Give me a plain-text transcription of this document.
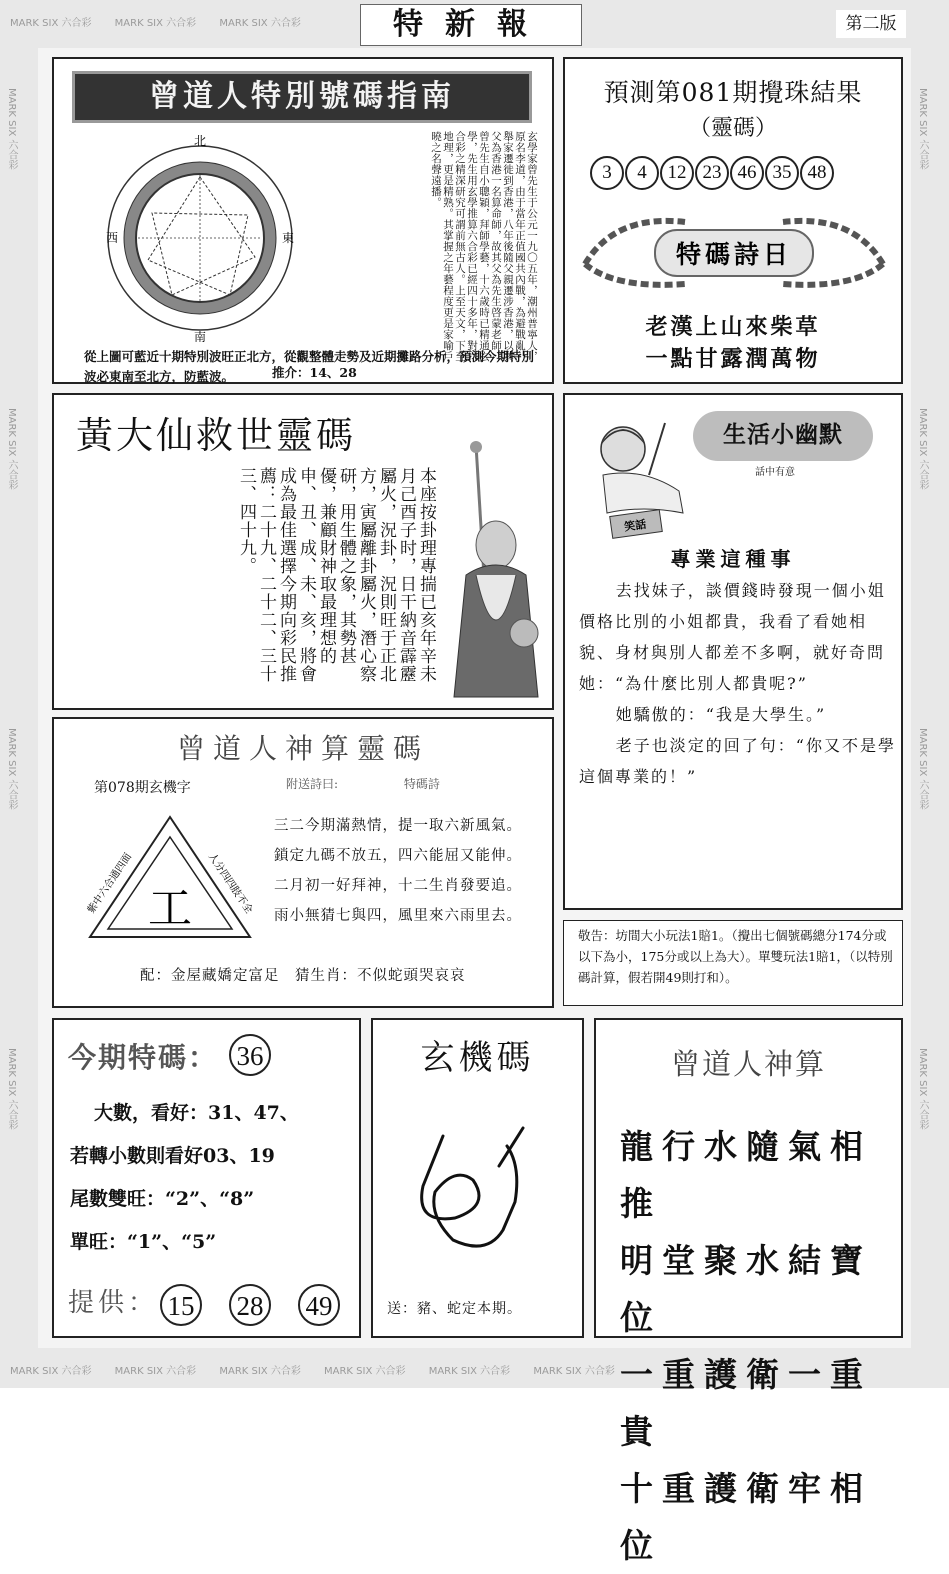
MARK SIX 六合彩 MARK SIX 六合彩 MARK SIX 六合彩
MARK SIX 六合彩 MARK SIX 六合彩 MARK SIX 六合彩 MARK SIX 六合彩 MARK SIX 六合彩 MARK SIX 六合彩
MARK SIX 六合彩
MARK SIX 六合彩
MARK SIX 六合彩
MARK SIX 六合彩
MARK SIX 六合彩
MARK SIX 六合彩
MARK SIX 六合彩
MARK SIX 六合彩
特新報	第二版
曾道人特別號碼指南
北
南
東
西	玄學家曾先生于公元一九〇五年，潮州普寧人，原名李道，由于當年正值國共內戰，為避戰亂，舉家遷徙到香港，八年後隨父親遷涉香港，以其父為香港一名算命師，故其父為先生啓蒙老師。曾先生自小聰穎，拜師學藝，十六歲時已精通玄學，先生用玄學推算六合彩已經四十多年，對六合彩之精深研究可謂前無古人。上至天文，下至地理，更是精熟。其掌握之年藝程度更是家喻戶曉之名聲遠播。
從上圖可藍近十期特別波旺正北方，從觀整體走勢及近期攤路分析，預測今期特別波必東南至北方，防藍波。	推介：14、28
預測第081期攪珠結果
（靈碼）
3	4	12 23 46 35 48
特碼詩日
老漢上山來柴草
一點甘露潤萬物
黃大仙救世靈碼
本座按卦理專揣已亥年辛未月己酉子时，日干納音霹靂屬火，況卦，況則旺于正北方，寅屬離卦屬火，潛心察研，用生體之象，其勢甚優，兼顧財神取最理想的申、丑、成、未、亥，將會成為最佳選擇今期向彩民推薦：二十九、二十二、三十三、四十九。	笑話
生活小幽默
話中有意
專業這種事

去找妹子，談價錢時發現一個小姐價格比別的小姐都貴，我看了看她相貌、身材與別人都差不多啊，就好奇問她：“為什麼比別人都貴呢?”

她驕傲的：“我是大學生。”

老子也淡定的回了句：“你又不是學這個專業的！”

敬告：坊間大小玩法1賠1。（攪出七個號碼總分174分或以下為小，175分或以上為大）。單雙玩法1賠1，（以特別碼計算，假若開49則打和）。
曾道人神算靈碼
第078期玄機字	附送詩曰:	特碼詩
工
紫中六合通四面	人分四四肢不全
三二今期滿熱情，提一取六新風氣。
鎖定九碼不放五，四六能屈又能伸。
二月初一好拜神，十二生肖發要追。
雨小無猜七與四，風里來六雨里去。
配：金屋藏嬌定富足　猜生肖：不似蛇頭哭哀哀
今期特碼： 36
大數，看好：31、47、
若轉小數則看好03、19
尾數雙旺：“2”、“8”
單旺：“1”、“5”
提供： 15 28 49
玄機碼
送：豬、蛇定本期。
曾道人神算
龍行水隨氣相推
明堂聚水結寶位
一重護衛一重貴
十重護衛牢相位
